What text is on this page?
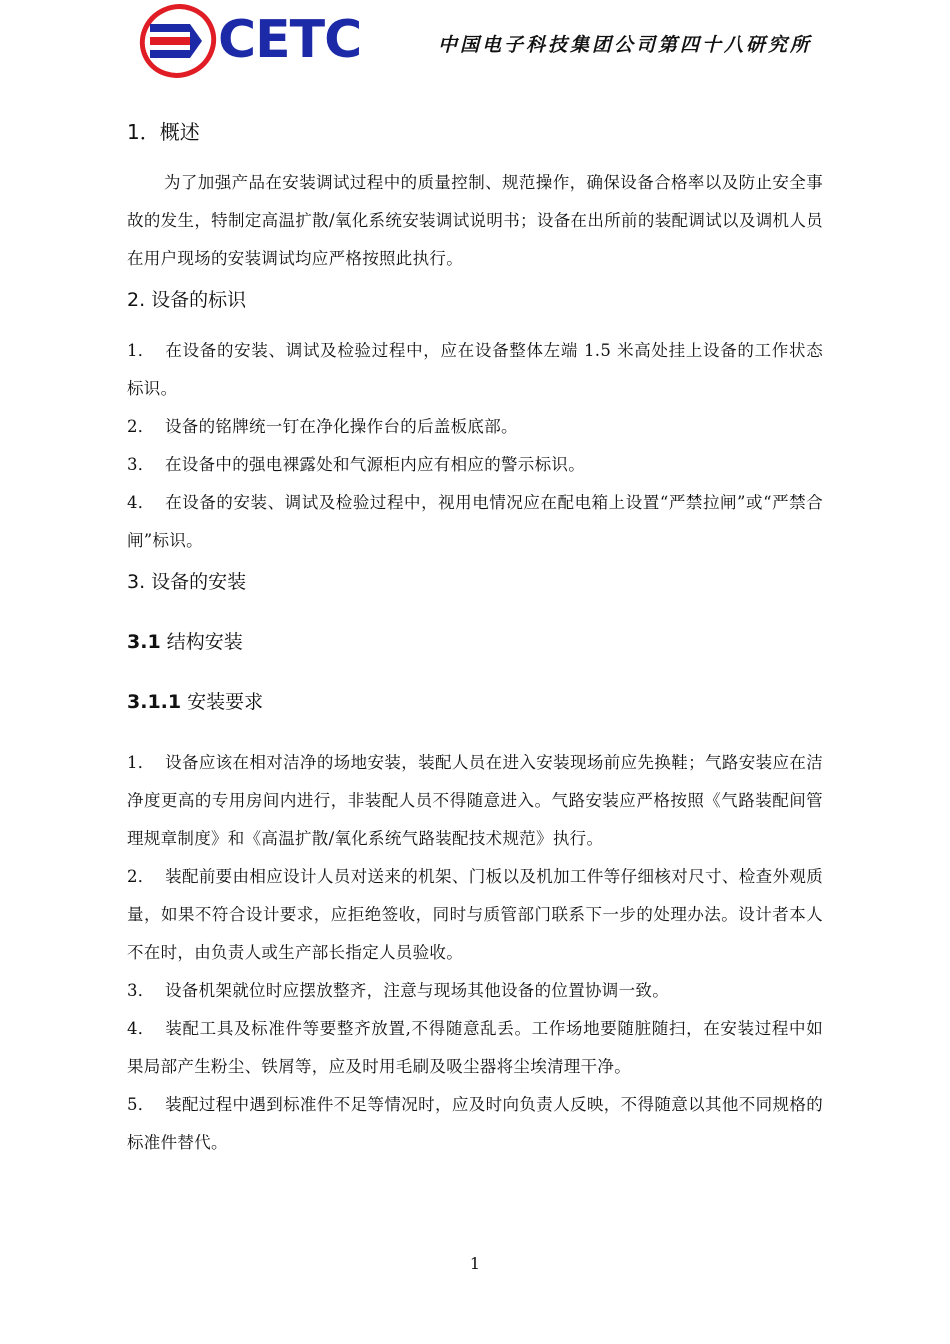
CETC	中国电子科技集团公司第四十八研究所

1．概述

为了加强产品在安装调试过程中的质量控制、规范操作，确保设备合格率以及防止安全事故的发生，特制定高温扩散/氧化系统安装调试说明书；设备在出所前的装配调试以及调机人员在用户现场的安装调试均应严格按照此执行。

2. 设备的标识

1． 在设备的安装、调试及检验过程中，应在设备整体左端 1.5 米高处挂上设备的工作状态标识。

2． 设备的铭牌统一钉在净化操作台的后盖板底部。

3． 在设备中的强电裸露处和气源柜内应有相应的警示标识。

4． 在设备的安装、调试及检验过程中，视用电情况应在配电箱上设置“严禁拉闸”或“严禁合闸”标识。

3. 设备的安装

3.1 结构安装

3.1.1 安装要求

1． 设备应该在相对洁净的场地安装，装配人员在进入安装现场前应先换鞋；气路安装应在洁净度更高的专用房间内进行，非装配人员不得随意进入。气路安装应严格按照《气路装配间管理规章制度》和《高温扩散/氧化系统气路装配技术规范》执行。

2． 装配前要由相应设计人员对送来的机架、门板以及机加工件等仔细核对尺寸、检查外观质量，如果不符合设计要求，应拒绝签收，同时与质管部门联系下一步的处理办法。设计者本人不在时，由负责人或生产部长指定人员验收。

3． 设备机架就位时应摆放整齐，注意与现场其他设备的位置协调一致。

4． 装配工具及标准件等要整齐放置,不得随意乱丢。工作场地要随脏随扫，在安装过程中如果局部产生粉尘、铁屑等，应及时用毛刷及吸尘器将尘埃清理干净。

5． 装配过程中遇到标准件不足等情况时，应及时向负责人反映，不得随意以其他不同规格的标准件替代。

1
